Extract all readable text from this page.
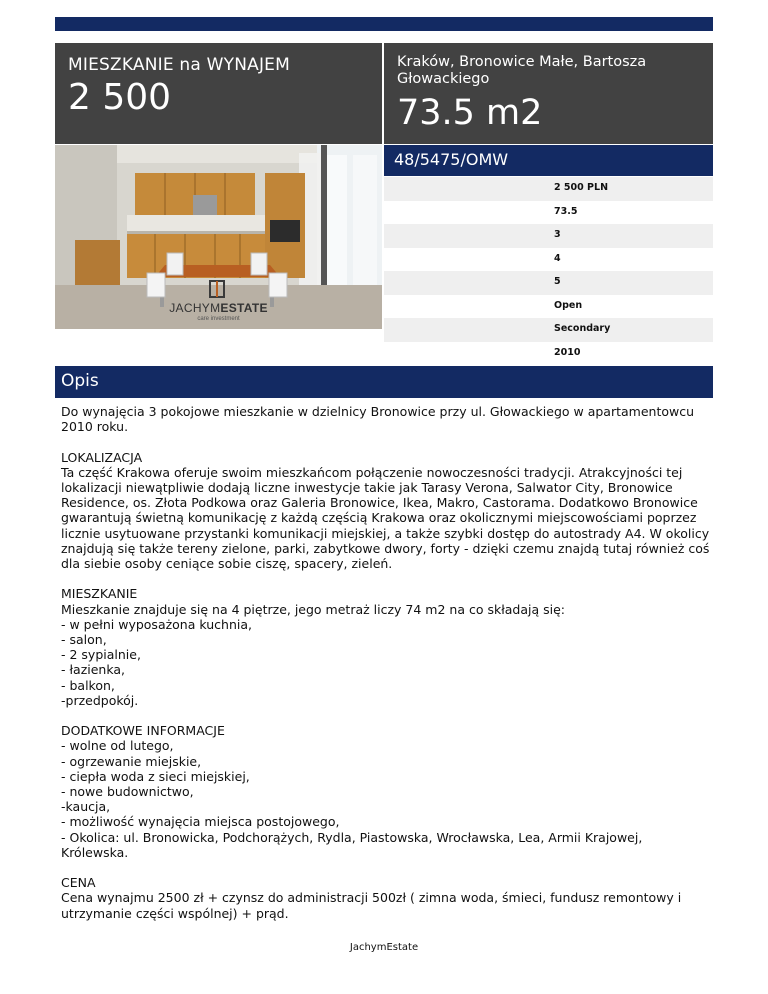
MIESZKANIE na WYNAJEM
2 500
Kraków, Bronowice Małe, Bartosza Głowackiego
73.5 m2
JACHYMESTATE
care investment
48/5475/OMW
2 500 PLN
73.5
3
4
5
Open
Secondary
2010
Opis

Do wynajęcia 3 pokojowe mieszkanie w dzielnicy Bronowice przy ul. Głowackiego w apartamentowcu 2010 roku.

LOKALIZACJA
Ta część Krakowa oferuje swoim mieszkańcom połączenie nowoczesności tradycji. Atrakcyjności tej lokalizacji niewątpliwie dodają liczne inwestycje takie jak Tarasy Verona, Salwator City, Bronowice Residence, os. Złota Podkowa oraz Galeria Bronowice, Ikea, Makro, Castorama. Dodatkowo Bronowice gwarantują świetną komunikację z każdą częścią Krakowa oraz okolicznymi miejscowościami poprzez licznie usytuowane przystanki komunikacji miejskiej, a także szybki dostęp do autostrady A4. W okolicy znajdują się także tereny zielone, parki, zabytkowe dwory, forty - dzięki czemu znajdą tutaj również coś dla siebie osoby ceniące sobie ciszę, spacery, zieleń.

MIESZKANIE
Mieszkanie znajduje się na 4 piętrze, jego metraż liczy 74 m2 na co składają się:
- w pełni wyposażona kuchnia,
- salon,
- 2 sypialnie,
- łazienka,
- balkon,
-przedpokój.

DODATKOWE INFORMACJE
- wolne od lutego,
- ogrzewanie miejskie,
- ciepła woda z sieci miejskiej,
- nowe budownictwo,
-kaucja,
- możliwość wynajęcia miejsca postojowego,
- Okolica: ul. Bronowicka, Podchorążych, Rydla, Piastowska, Wrocławska, Lea, Armii Krajowej, Królewska.

CENA
Cena wynajmu 2500 zł + czynsz do administracji 500zł ( zimna woda, śmieci, fundusz remontowy i utrzymanie części wspólnej) + prąd.

JachymEstate
